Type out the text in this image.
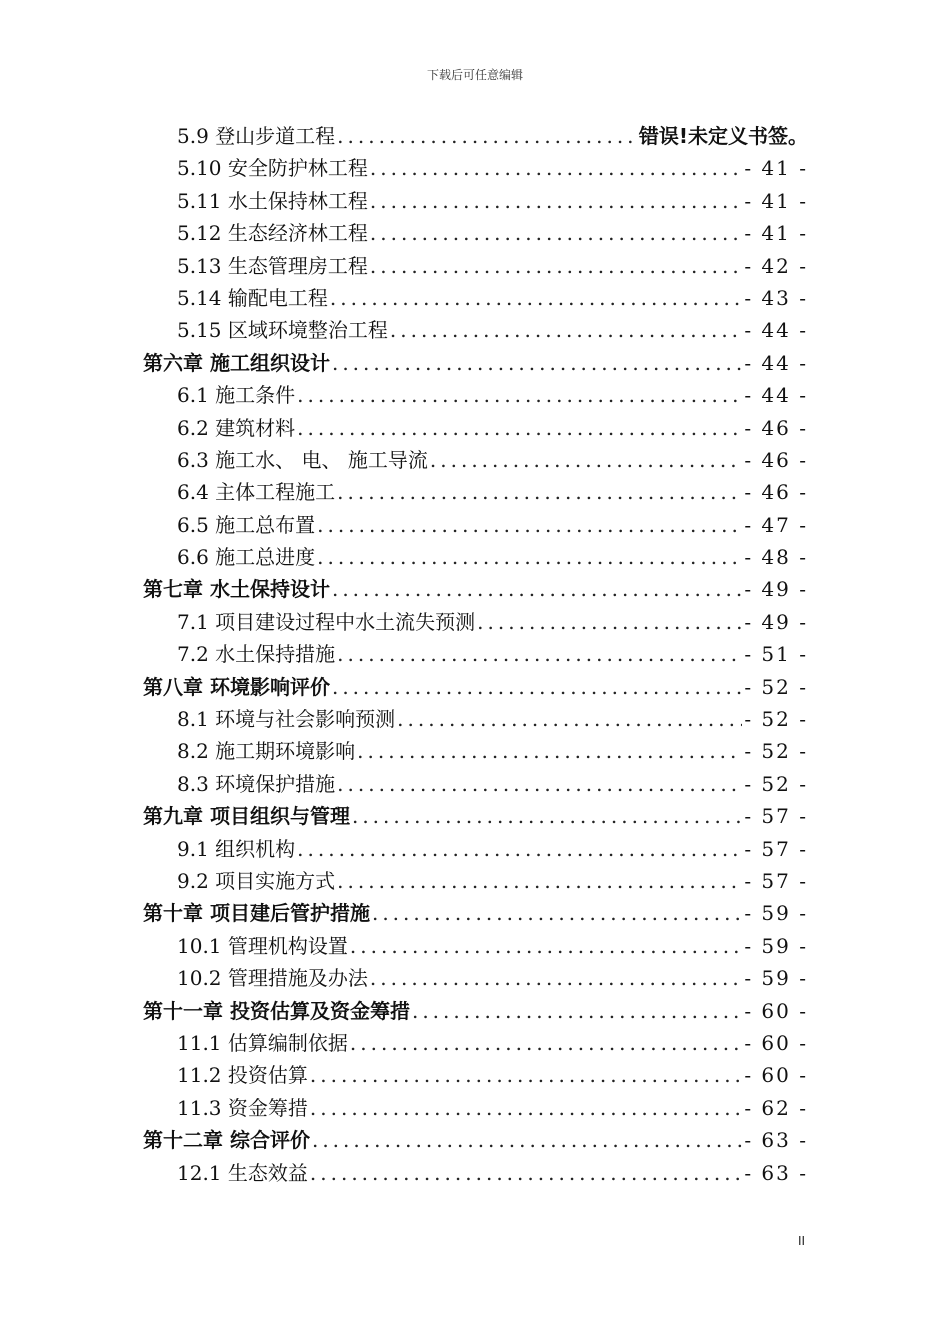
下载后可任意编辑
5.9 登山步道工程 .....	错误!未定义书签。
5.10 安全防护林工程 .....	- 41 -
5.11 水土保持林工程 .....	- 41 -
5.12 生态经济林工程 .....	- 41 -
5.13 生态管理房工程 .....	- 42 -
5.14 输配电工程 .....	- 43 -
5.15 区域环境整治工程 .....	- 44 -
第六章 施工组织设计 .....	- 44 -
6.1 施工条件 .....	- 44 -
6.2 建筑材料 .....	- 46 -
6.3 施工水、 电、 施工导流 .....	- 46 -
6.4 主体工程施工 .....	- 46 -
6.5 施工总布置 .....	- 47 -
6.6 施工总进度 .....	- 48 -
第七章 水土保持设计 .....	- 49 -
7.1 项目建设过程中水土流失预测 .....	- 49 -
7.2 水土保持措施 .....	- 51 -
第八章 环境影响评价 .....	- 52 -
8.1 环境与社会影响预测 .....	- 52 -
8.2 施工期环境影响 .....	- 52 -
8.3 环境保护措施 .....	- 52 -
第九章 项目组织与管理 .....	- 57 -
9.1 组织机构 .....	- 57 -
9.2 项目实施方式 .....	- 57 -
第十章 项目建后管护措施 .....	- 59 -
10.1 管理机构设置 .....	- 59 -
10.2 管理措施及办法 .....	- 59 -
第十一章 投资估算及资金筹措 .....	- 60 -
11.1 估算编制依据 .....	- 60 -
11.2 投资估算 .....	- 60 -
11.3 资金筹措 .....	- 62 -
第十二章 综合评价 .....	- 63 -
12.1 生态效益 .....	- 63 -
II
